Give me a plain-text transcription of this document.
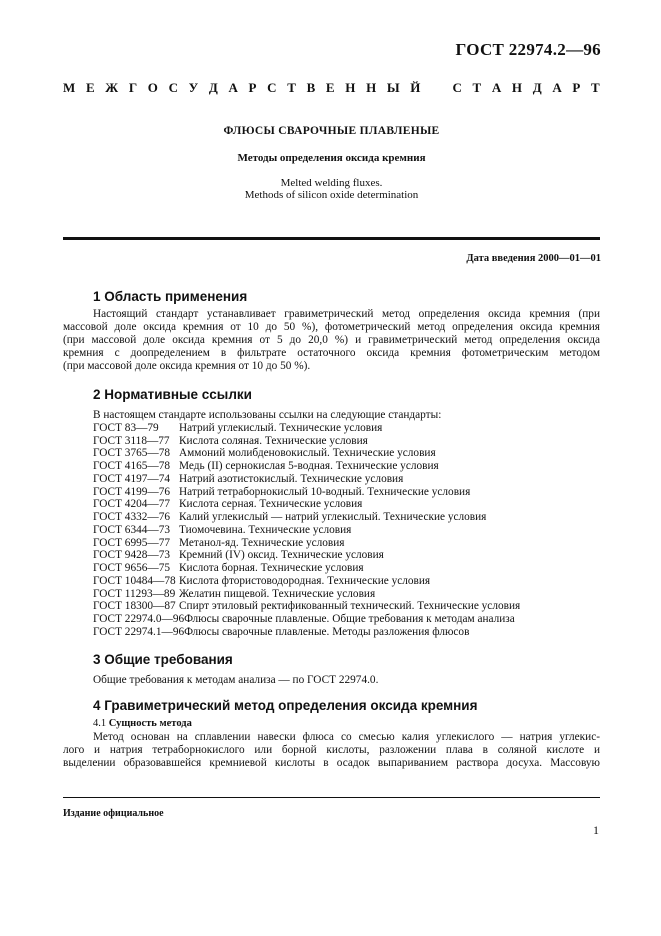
ГОСТ 22974.2—96
М Е Ж Г О С У Д А Р С Т В Е Н Н Ы Й С Т А Н Д А Р Т
ФЛЮСЫ СВАРОЧНЫЕ ПЛАВЛЕНЫЕ
Методы определения оксида кремния
Melted welding fluxes.
Methods of silicon oxide determination
Дата введения 2000—01—01
1 Область применения

Настоящий стандарт устанавливает гравиметрический метод определения оксида кремния (при

массовой доле оксида кремния от 10 до 50 %), фотометрический метод определения оксида кремния

(при массовой доле оксида кремния от 5 до 20,0 %) и гравиметрический метод определения оксида

кремния с доопределением в фильтрате остаточного оксида кремния фотометрическим методом

(при массовой доле оксида кремния от 10 до 50 %).

2 Нормативные ссылки
В настоящем стандарте использованы ссылки на следующие стандарты:
ГОСТ 83—79 Натрий углекислый. Технические условия
ГОСТ 3118—77 Кислота соляная. Технические условия
ГОСТ 3765—78 Аммоний молибденовокислый. Технические условия
ГОСТ 4165—78 Медь (II) сернокислая 5-водная. Технические условия
ГОСТ 4197—74 Натрий азотистокислый. Технические условия
ГОСТ 4199—76 Натрий тетраборнокислый 10-водный. Технические условия
ГОСТ 4204—77 Кислота серная. Технические условия
ГОСТ 4332—76 Калий углекислый — натрий углекислый. Технические условия
ГОСТ 6344—73 Тиомочевина. Технические условия
ГОСТ 6995—77 Метанол-яд. Технические условия
ГОСТ 9428—73 Кремний (IV) оксид. Технические условия
ГОСТ 9656—75 Кислота борная. Технические условия
ГОСТ 10484—78 Кислота фтористоводородная. Технические условия
ГОСТ 11293—89 Желатин пищевой. Технические условия
ГОСТ 18300—87 Спирт этиловый ректификованный технический. Технические условия
ГОСТ 22974.0—96Флюсы сварочные плавленые. Общие требования к методам анализа
ГОСТ 22974.1—96Флюсы сварочные плавленые. Методы разложения флюсов
3 Общие требования

Общие требования к методам анализа — по ГОСТ 22974.0.

4 Гравиметрический метод определения оксида кремния
4.1 Сущность метода

Метод основан на сплавлении навески флюса со смесью калия углекислого — натрия углекис-

лого и натрия тетраборнокислого или борной кислоты, разложении плава в соляной кислоте и

выделении образовавшейся кремниевой кислоты в осадок выпариванием раствора досуха. Массовую

Издание официальное
1
